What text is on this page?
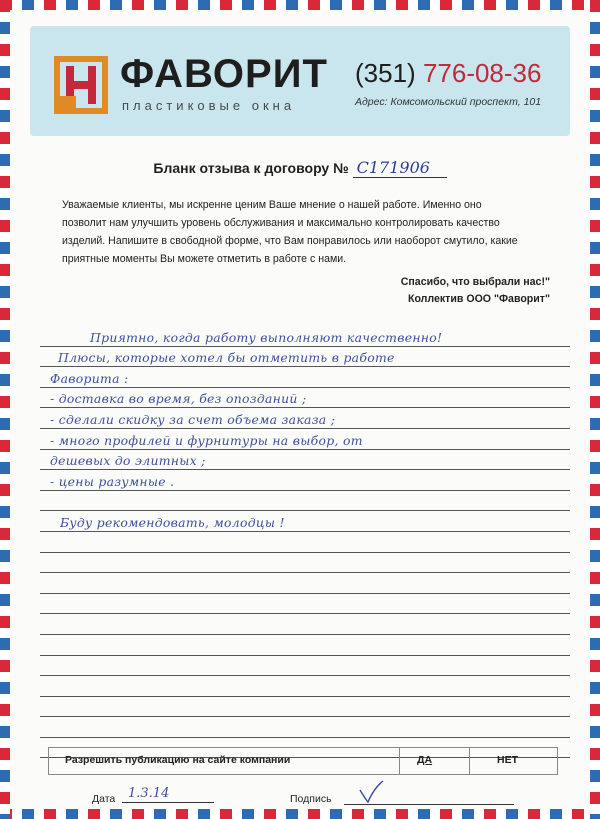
ФАВОРИТ
пластиковые окна
(351) 776-08-36
Адрес: Комсомольский проспект, 101
Бланк отзыва к договору № С171906
Уважаемые клиенты, мы искренне ценим Ваше мнение о нашей работе. Именно оно
позволит нам улучшить уровень обслуживания и максимально контролировать качество
изделий. Напишите в свободной форме, что Вам понравилось или наоборот смутило, какие
приятные моменты Вы можете отметить в работе с нами.
Спасибо, что выбрали нас!"
Коллектив ООО "Фаворит"
Приятно, когда работу выполняют качественно!
Плюсы, которые хотел бы отметить в работе
Фаворита :
- доставка во время, без опозданий ;
- сделали скидку за счет объема заказа ;
- много профилей и фурнитуры на выбор, от
дешевых до элитных ;
- цены разумные .
Буду рекомендовать, молодцы !
Разрешить публикацию на сайте компании	ДА	НЕТ
Дата 1.3.14	Подпись
